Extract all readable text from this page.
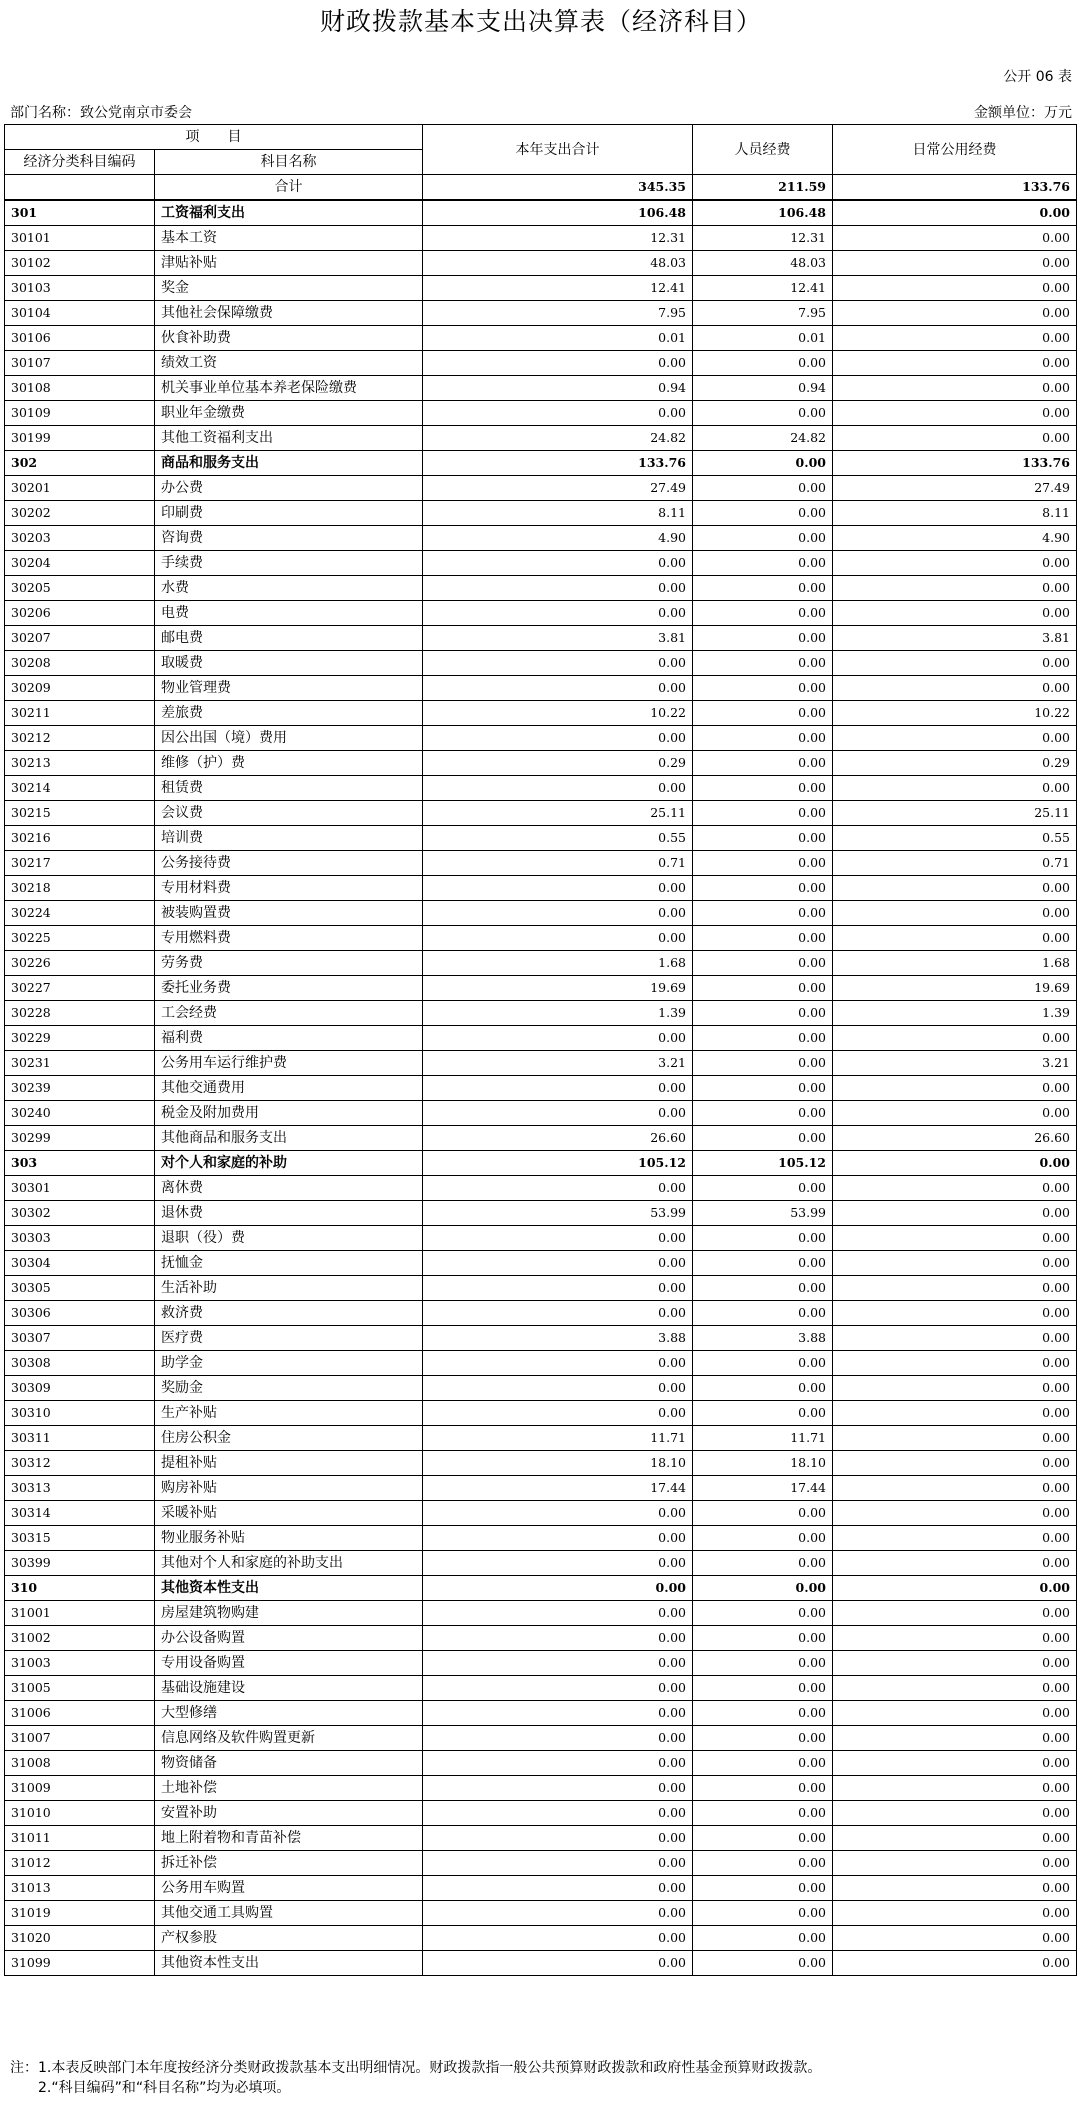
财政拨款基本支出决算表（经济科目）
公开 06 表
部门名称：致公党南京市委会	金额单位：万元
项　　目		本年支出合计	人员经费	日常公用经费
经济分类科目编码	科目名称			
	合计	345.35	211.59	133.76
301	工资福利支出	106.48	106.48	0.00
30101	基本工资	12.31	12.31	0.00
30102	津贴补贴	48.03	48.03	0.00
30103	奖金	12.41	12.41	0.00
30104	其他社会保障缴费	7.95	7.95	0.00
30106	伙食补助费	0.01	0.01	0.00
30107	绩效工资	0.00	0.00	0.00
30108	机关事业单位基本养老保险缴费	0.94	0.94	0.00
30109	职业年金缴费	0.00	0.00	0.00
30199	其他工资福利支出	24.82	24.82	0.00
302	商品和服务支出	133.76	0.00	133.76
30201	办公费	27.49	0.00	27.49
30202	印刷费	8.11	0.00	8.11
30203	咨询费	4.90	0.00	4.90
30204	手续费	0.00	0.00	0.00
30205	水费	0.00	0.00	0.00
30206	电费	0.00	0.00	0.00
30207	邮电费	3.81	0.00	3.81
30208	取暖费	0.00	0.00	0.00
30209	物业管理费	0.00	0.00	0.00
30211	差旅费	10.22	0.00	10.22
30212	因公出国（境）费用	0.00	0.00	0.00
30213	维修（护）费	0.29	0.00	0.29
30214	租赁费	0.00	0.00	0.00
30215	会议费	25.11	0.00	25.11
30216	培训费	0.55	0.00	0.55
30217	公务接待费	0.71	0.00	0.71
30218	专用材料费	0.00	0.00	0.00
30224	被装购置费	0.00	0.00	0.00
30225	专用燃料费	0.00	0.00	0.00
30226	劳务费	1.68	0.00	1.68
30227	委托业务费	19.69	0.00	19.69
30228	工会经费	1.39	0.00	1.39
30229	福利费	0.00	0.00	0.00
30231	公务用车运行维护费	3.21	0.00	3.21
30239	其他交通费用	0.00	0.00	0.00
30240	税金及附加费用	0.00	0.00	0.00
30299	其他商品和服务支出	26.60	0.00	26.60
303	对个人和家庭的补助	105.12	105.12	0.00
30301	离休费	0.00	0.00	0.00
30302	退休费	53.99	53.99	0.00
30303	退职（役）费	0.00	0.00	0.00
30304	抚恤金	0.00	0.00	0.00
30305	生活补助	0.00	0.00	0.00
30306	救济费	0.00	0.00	0.00
30307	医疗费	3.88	3.88	0.00
30308	助学金	0.00	0.00	0.00
30309	奖励金	0.00	0.00	0.00
30310	生产补贴	0.00	0.00	0.00
30311	住房公积金	11.71	11.71	0.00
30312	提租补贴	18.10	18.10	0.00
30313	购房补贴	17.44	17.44	0.00
30314	采暖补贴	0.00	0.00	0.00
30315	物业服务补贴	0.00	0.00	0.00
30399	其他对个人和家庭的补助支出	0.00	0.00	0.00
310	其他资本性支出	0.00	0.00	0.00
31001	房屋建筑物购建	0.00	0.00	0.00
31002	办公设备购置	0.00	0.00	0.00
31003	专用设备购置	0.00	0.00	0.00
31005	基础设施建设	0.00	0.00	0.00
31006	大型修缮	0.00	0.00	0.00
31007	信息网络及软件购置更新	0.00	0.00	0.00
31008	物资储备	0.00	0.00	0.00
31009	土地补偿	0.00	0.00	0.00
31010	安置补助	0.00	0.00	0.00
31011	地上附着物和青苗补偿	0.00	0.00	0.00
31012	拆迁补偿	0.00	0.00	0.00
31013	公务用车购置	0.00	0.00	0.00
31019	其他交通工具购置	0.00	0.00	0.00
31020	产权参股	0.00	0.00	0.00
31099	其他资本性支出	0.00	0.00	0.00
注：1.本表反映部门本年度按经济分类财政拨款基本支出明细情况。财政拨款指一般公共预算财政拨款和政府性基金预算财政拨款。
2.“科目编码”和“科目名称”均为必填项。
